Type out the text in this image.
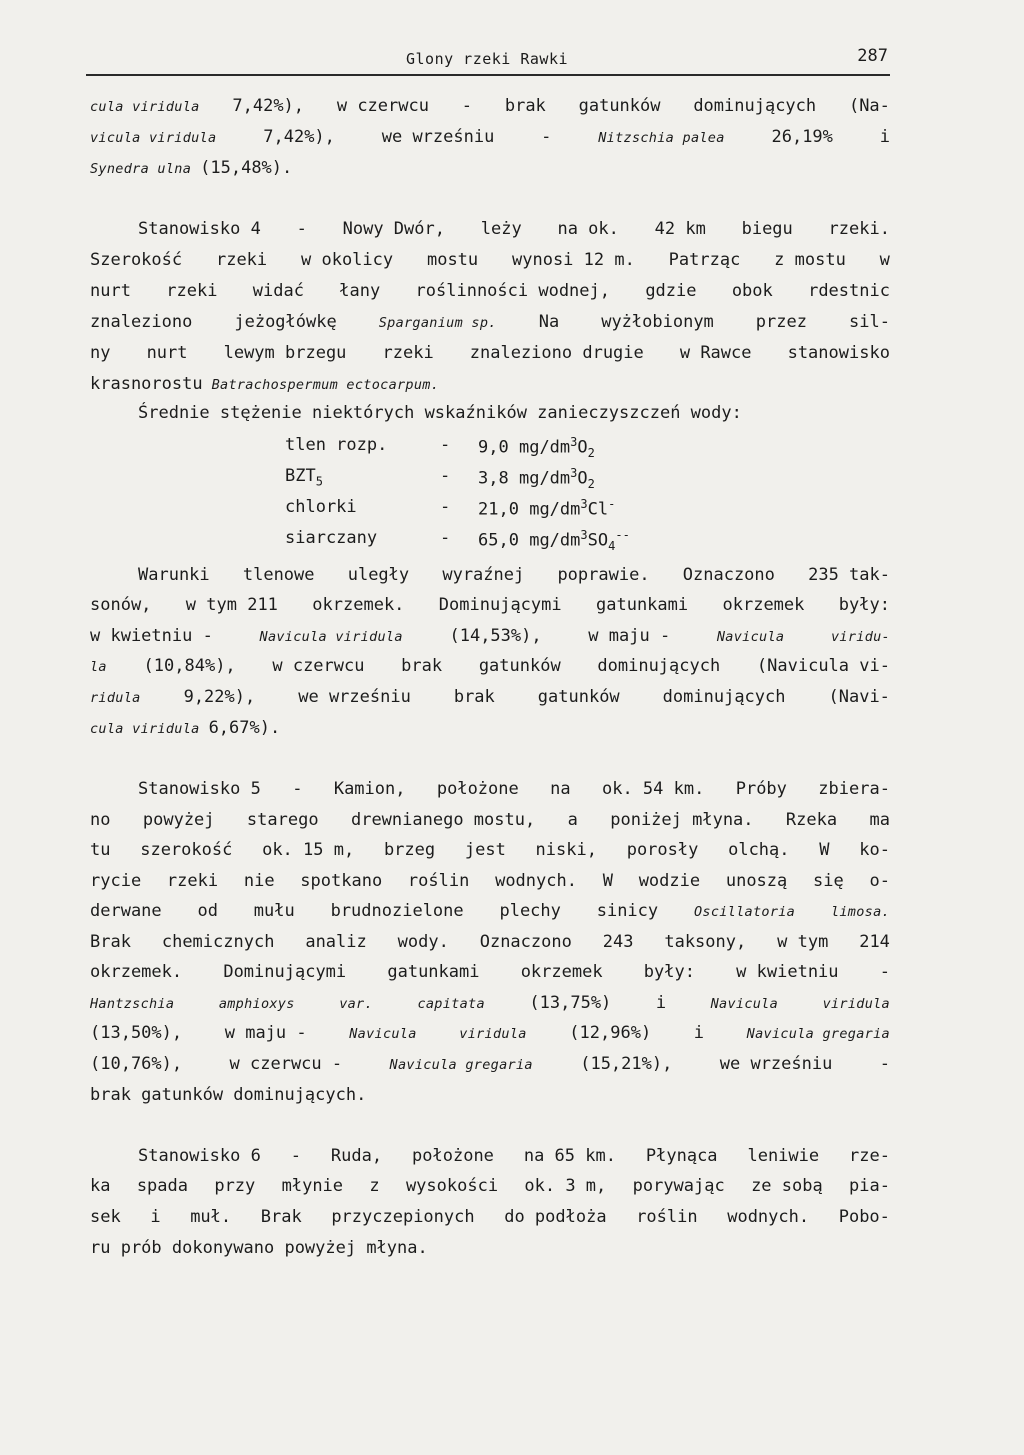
Glony rzeki Rawki	287
cula viridula 7,42%), w czerwcu - brak gatunków dominujących (Na-
vicula viridula	7,42%),	we wrześniu	-	Nitzschia palea	26,19%	i
Synedra ulna (15,48%).
Stanowisko 4 - Nowy Dwór, leży na ok. 42 km biegu rzeki.
Szerokość rzeki w okolicy mostu wynosi 12 m. Patrząc z mostu w
nurt rzeki widać łany roślinności wodnej, gdzie obok rdestnic
znaleziono jeżogłówkę	Sparganium sp. Na wyżłobionym przez sil-
ny nurt lewym brzegu rzeki znaleziono drugie w Rawce stanowisko
krasnorostu Batrachospermum ectocarpum.
Średnie stężenie niektórych wskaźników zanieczyszczeń wody:
Warunki tlenowe uległy wyraźnej poprawie. Oznaczono 235 tak-
sonów, w tym 211 okrzemek. Dominującymi gatunkami okrzemek były:
w kwietniu -	Navicula viridula	(14,53%),	w maju -	Navicula	viridu-
la (10,84%), w czerwcu brak gatunków dominujących (Navicula vi-
ridula	9,22%),	we wrześniu	brak	gatunków	dominujących	(Navi-
cula viridula 6,67%).
Stanowisko 5 - Kamion, położone na ok. 54 km. Próby zbiera-
no powyżej starego drewnianego mostu, a poniżej młyna. Rzeka ma
tu szerokość ok. 15 m, brzeg jest niski, porosły olchą. W ko-
rycie rzeki nie spotkano roślin wodnych. W wodzie unoszą się o-
derwane od mułu brudnozielone plechy sinicy	Oscillatoria	limosa.
Brak chemicznych analiz wody. Oznaczono 243 taksony, w tym 214
okrzemek. Dominującymi gatunkami okrzemek były: w kwietniu -
Hantzschia	amphioxys	var.	capitata	(13,75%)	i	Navicula	viridula
(13,50%),	w maju -	Navicula	viridula	(12,96%)	i	Navicula gregaria
(10,76%),	w czerwcu -	Navicula gregaria	(15,21%),	we wrześniu	-
brak gatunków dominujących.
Stanowisko 6 - Ruda, położone na 65 km. Płynąca leniwie rze-
ka spada przy młynie z wysokości ok. 3 m, porywając ze sobą pia-
sek i muł. Brak przyczepionych do podłoża roślin wodnych. Pobo-
ru prób dokonywano powyżej młyna.
tlen rozp.	- 9,0 $mg/dm^3O_2$
$BZT_5$	- 3,8 $mg/dm^3O_2$
chlorki	- 21,0 $mg/dm^3Cl^-$
siarczany	- 65,0 $mg/dm^3SO_4^{--}$
